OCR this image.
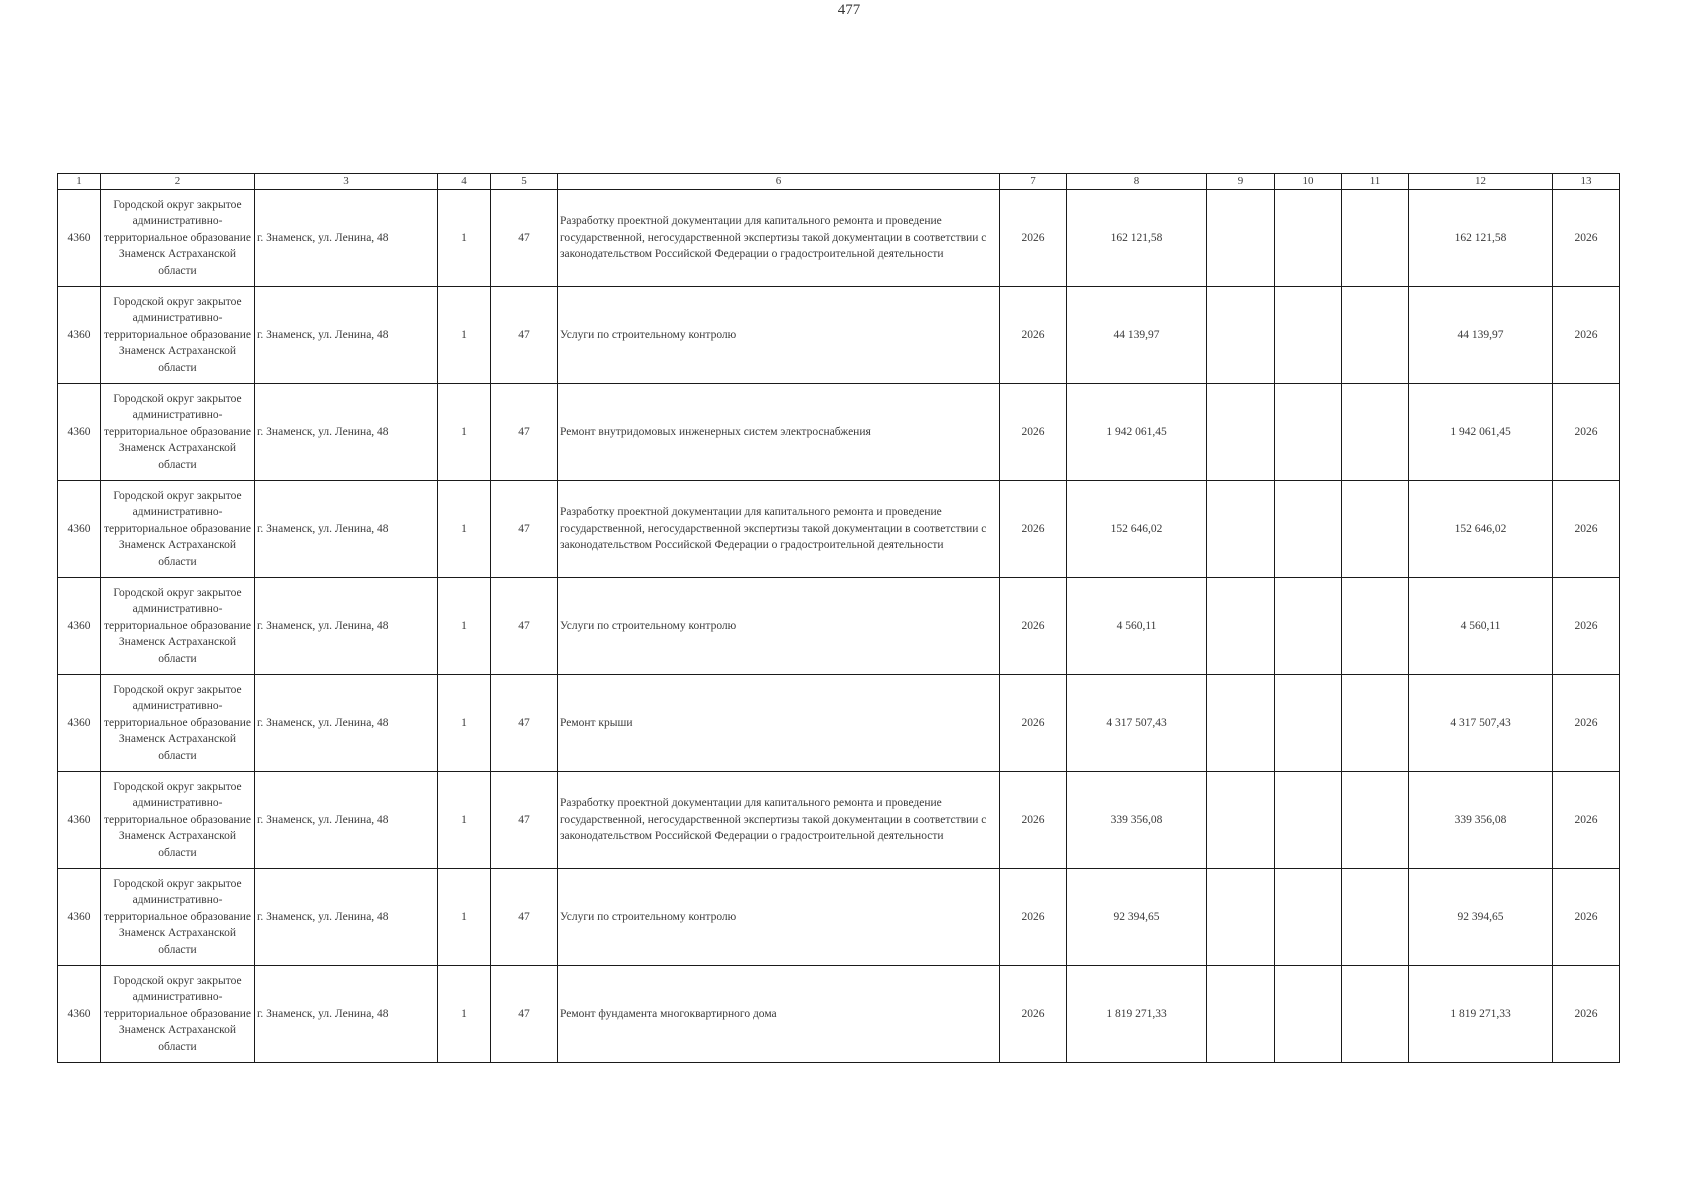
477
1	2	3	4	5	6	7	8	9	10	11	12	13
4360	Городской округ закрытое административно-территориальное образование Знаменск Астраханской области	г. Знаменск, ул. Ленина, 48	1	47	Разработку проектной документации для капитального ремонта и проведение государственной, негосударственной экспертизы такой документации в соответствии с законодательством Российской Федерации о градостроительной деятельности	2026	162 121,58				162 121,58	2026
4360	Городской округ закрытое административно-территориальное образование Знаменск Астраханской области	г. Знаменск, ул. Ленина, 48	1	47	Услуги по строительному контролю	2026	44 139,97				44 139,97	2026
4360	Городской округ закрытое административно-территориальное образование Знаменск Астраханской области	г. Знаменск, ул. Ленина, 48	1	47	Ремонт внутридомовых инженерных систем электроснабжения	2026	1 942 061,45				1 942 061,45	2026
4360	Городской округ закрытое административно-территориальное образование Знаменск Астраханской области	г. Знаменск, ул. Ленина, 48	1	47	Разработку проектной документации для капитального ремонта и проведение государственной, негосударственной экспертизы такой документации в соответствии с законодательством Российской Федерации о градостроительной деятельности	2026	152 646,02				152 646,02	2026
4360	Городской округ закрытое административно-территориальное образование Знаменск Астраханской области	г. Знаменск, ул. Ленина, 48	1	47	Услуги по строительному контролю	2026	4 560,11				4 560,11	2026
4360	Городской округ закрытое административно-территориальное образование Знаменск Астраханской области	г. Знаменск, ул. Ленина, 48	1	47	Ремонт крыши	2026	4 317 507,43				4 317 507,43	2026
4360	Городской округ закрытое административно-территориальное образование Знаменск Астраханской области	г. Знаменск, ул. Ленина, 48	1	47	Разработку проектной документации для капитального ремонта и проведение государственной, негосударственной экспертизы такой документации в соответствии с законодательством Российской Федерации о градостроительной деятельности	2026	339 356,08				339 356,08	2026
4360	Городской округ закрытое административно-территориальное образование Знаменск Астраханской области	г. Знаменск, ул. Ленина, 48	1	47	Услуги по строительному контролю	2026	92 394,65				92 394,65	2026
4360	Городской округ закрытое административно-территориальное образование Знаменск Астраханской области	г. Знаменск, ул. Ленина, 48	1	47	Ремонт фундамента многоквартирного дома	2026	1 819 271,33				1 819 271,33	2026
